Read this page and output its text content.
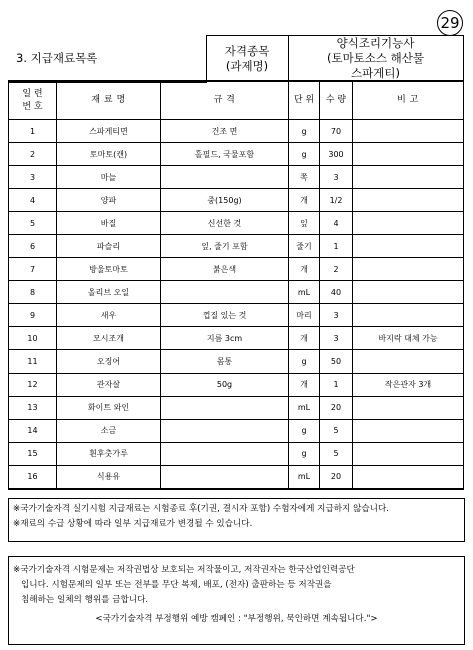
29
3. 지급재료목록	
자격종목
(과제명)

양식조리기능사
(토마토소스 해산물
스파게티)
일 련
번 호	재 료 명	규 격	단 위	수 량	비 고
1	스파게티면	건조 면	g	70	
2	토마토(캔)	홀필드, 국물포함	g	300	
3	마늘		쪽	3	
4	양파	중(150g)	개	1/2	
5	바질	신선한 것	잎	4	
6	파슬리	잎, 줄기 포함	줄기	1	
7	방울토마토	붉은색	개	2	
8	올리브 오일		mL	40	
9	새우	껍질 있는 것	마리	3	
10	모시조개	지름 3cm	개	3	바지락 대체 가능
11	오징어	몸통	g	50	
12	관자살	50g	개	1	작은관자 3개
13	화이트 와인		mL	20	
14	소금		g	5	
15	흰후춧가루		g	5	
16	식용유		mL	20	
※국가기술자격 실기시험 지급재료는 시험종료 후(기권, 결시자 포함) 수험자에게 지급하지 않습니다.
※재료의 수급 상황에 따라 일부 지급재료가 변경될 수 있습니다.
※국가기술자격 시험문제는 저작권법상 보호되는 저작물이고, 저작권자는 한국산업인력공단
입니다. 시험문제의 일부 또는 전부를 무단 복제, 배포, (전자) 출판하는 등 저작권을
침해하는 일체의 행위를 금합니다.
<국가기술자격 부정행위 예방 캠페인 : "부정행위, 묵인하면 계속됩니다.">
